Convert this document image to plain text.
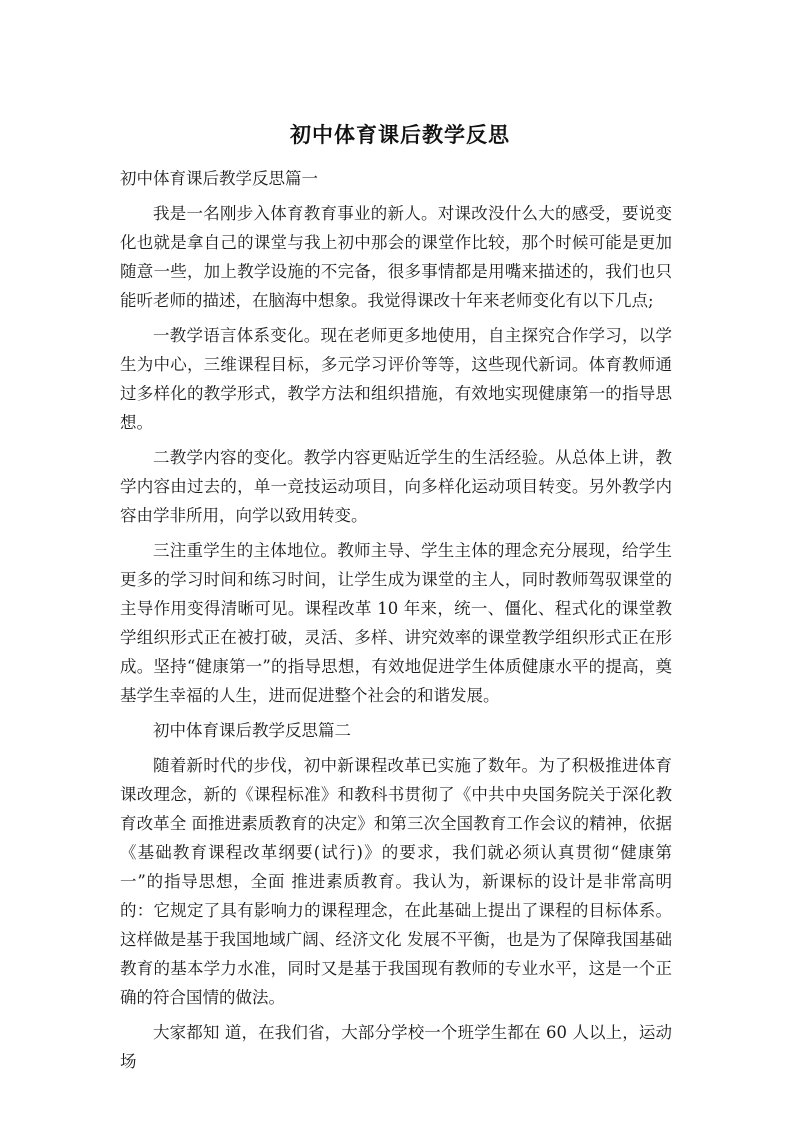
初中体育课后教学反思

初中体育课后教学反思篇一

我是一名刚步入体育教育事业的新人。对课改没什么大的感受，要说变化也就是拿自己的课堂与我上初中那会的课堂作比较，那个时候可能是更加随意一些，加上教学设施的不完备，很多事情都是用嘴来描述的，我们也只能听老师的描述，在脑海中想象。我觉得课改十年来老师变化有以下几点;

一教学语言体系变化。现在老师更多地使用，自主探究合作学习，以学生为中心，三维课程目标，多元学习评价等等，这些现代新词。体育教师通过多样化的教学形式，教学方法和组织措施，有效地实现健康第一的指导思想。

二教学内容的变化。教学内容更贴近学生的生活经验。从总体上讲，教学内容由过去的，单一竞技运动项目，向多样化运动项目转变。另外教学内容由学非所用，向学以致用转变。

三注重学生的主体地位。教师主导、学生主体的理念充分展现，给学生更多的学习时间和练习时间，让学生成为课堂的主人，同时教师驾驭课堂的主导作用变得清晰可见。课程改革 10 年来，统一、僵化、程式化的课堂教学组织形式正在被打破，灵活、多样、讲究效率的课堂教学组织形式正在形成。坚持“健康第一”的指导思想，有效地促进学生体质健康水平的提高，奠基学生幸福的人生，进而促进整个社会的和谐发展。

初中体育课后教学反思篇二

随着新时代的步伐，初中新课程改革已实施了数年。为了积极推进体育课改理念，新的《课程标准》和教科书贯彻了《中共中央国务院关于深化教育改革全 面推进素质教育的决定》和第三次全国教育工作会议的精神，依据《基础教育课程改革纲要(试行)》的要求，我们就必须认真贯彻“健康第一”的指导思想，全面 推进素质教育。我认为，新课标的设计是非常高明的：它规定了具有影响力的课程理念，在此基础上提出了课程的目标体系。这样做是基于我国地域广阔、经济文化 发展不平衡，也是为了保障我国基础教育的基本学力水准，同时又是基于我国现有教师的专业水平，这是一个正确的符合国情的做法。

大家都知 道，在我们省，大部分学校一个班学生都在 60 人以上，运动场
